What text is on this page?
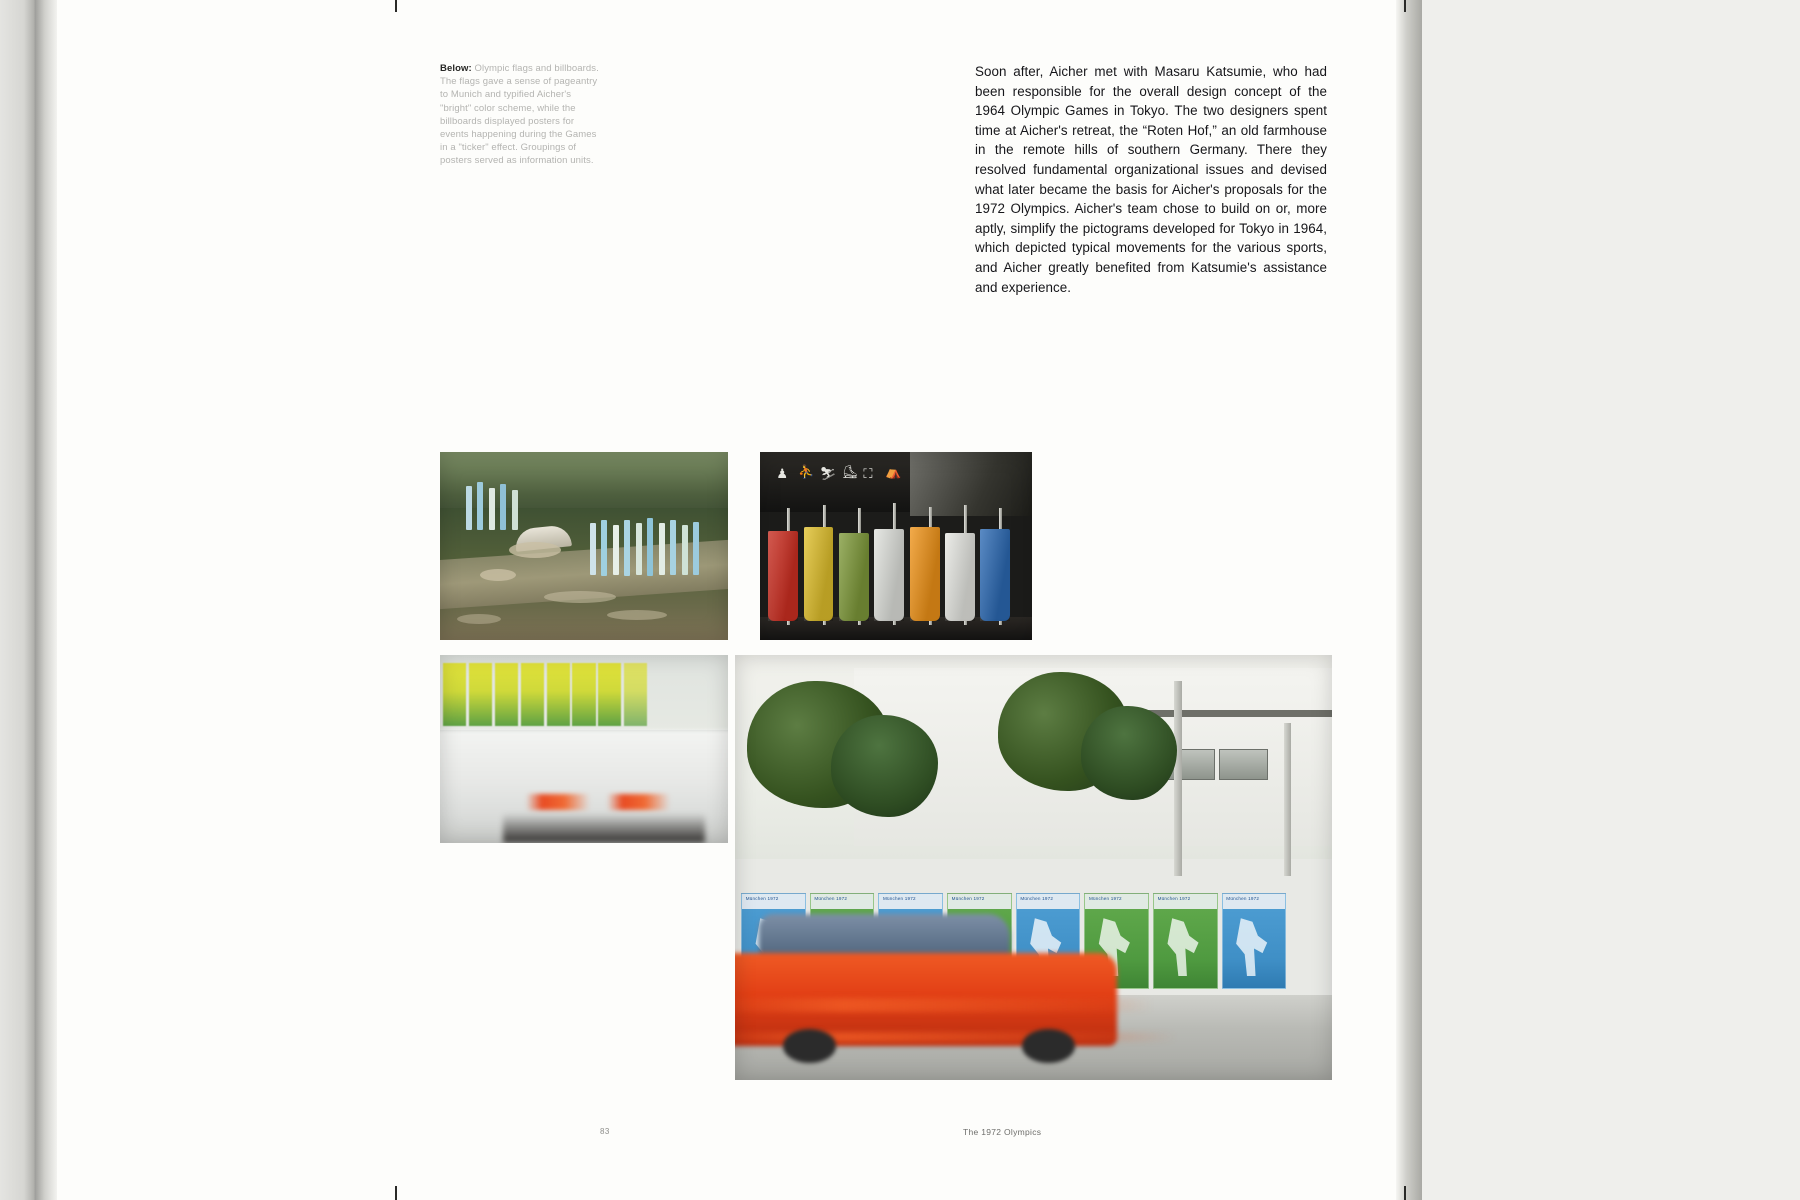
Below: Olympic flags and billboards. The flags gave a sense of pageantry to Munich and typified Aicher's "bright" color scheme, while the billboards displayed posters for events happening during the Games in a "ticker" effect. Groupings of posters served as information units.
Soon after, Aicher met with Masaru Katsumie, who had been responsible for the overall design concept of the 1964 Olympic Games in Tokyo. The two designers spent time at Aicher's retreat, the “Roten Hof,” an old farmhouse in the remote hills of southern Germany. There they resolved fundamental organizational issues and devised what later became the basis for Aicher's proposals for the 1972 Olympics. Aicher's team chose to build on or, more aptly, simplify the pictograms developed for Tokyo in 1964, which depicted typical movements for the various sports, and Aicher greatly benefited from Katsumie's assistance and experience.
♟ ⛹ ⛷ ⛸ ⛶ ⛺
München 1972	München 1972	München 1972	München 1972	München 1972	München 1972	München 1972	München 1972
83	The 1972 Olympics
